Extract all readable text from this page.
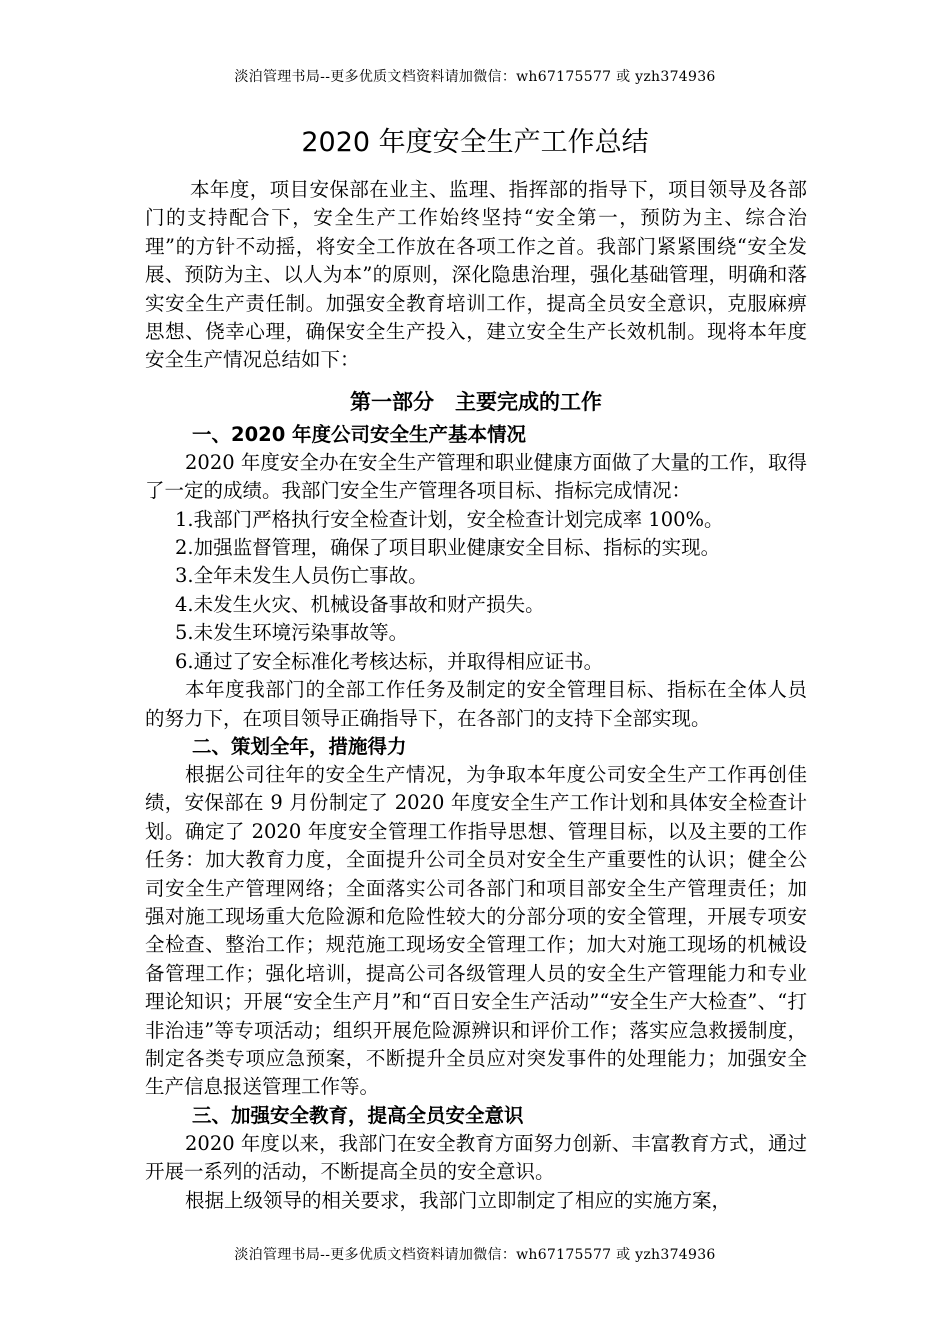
淡泊管理书局--更多优质文档资料请加微信：wh67175577 或 yzh374936
2020 年度安全生产工作总结

本年度，项目安保部在业主、监理、指挥部的指导下，项目领导及各部门的支持配合下，安全生产工作始终坚持“安全第一，预防为主、综合治理”的方针不动摇，将安全工作放在各项工作之首。我部门紧紧围绕“安全发展、预防为主、以人为本”的原则，深化隐患治理，强化基础管理，明确和落实安全生产责任制。加强安全教育培训工作，提高全员安全意识，克服麻痹思想、侥幸心理，确保安全生产投入，建立安全生产长效机制。现将本年度安全生产情况总结如下：

第一部分　主要完成的工作
一、2020 年度公司安全生产基本情况

2020 年度安全办在安全生产管理和职业健康方面做了大量的工作，取得了一定的成绩。我部门安全生产管理各项目标、指标完成情况：

1.我部门严格执行安全检查计划，安全检查计划完成率 100%。

2.加强监督管理，确保了项目职业健康安全目标、指标的实现。

3.全年未发生人员伤亡事故。

4.未发生火灾、机械设备事故和财产损失。

5.未发生环境污染事故等。

6.通过了安全标准化考核达标，并取得相应证书。

本年度我部门的全部工作任务及制定的安全管理目标、指标在全体人员的努力下，在项目领导正确指导下，在各部门的支持下全部实现。

二、策划全年，措施得力

根据公司往年的安全生产情况，为争取本年度公司安全生产工作再创佳绩，安保部在 9 月份制定了 2020 年度安全生产工作计划和具体安全检查计划。确定了 2020 年度安全管理工作指导思想、管理目标，以及主要的工作任务：加大教育力度，全面提升公司全员对安全生产重要性的认识；健全公司安全生产管理网络；全面落实公司各部门和项目部安全生产管理责任；加强对施工现场重大危险源和危险性较大的分部分项的安全管理，开展专项安全检查、整治工作；规范施工现场安全管理工作；加大对施工现场的机械设备管理工作；强化培训，提高公司各级管理人员的安全生产管理能力和专业理论知识；开展“安全生产月”和“百日安全生产活动”“安全生产大检查”、“打非治违”等专项活动；组织开展危险源辨识和评价工作；落实应急救援制度，制定各类专项应急预案，不断提升全员应对突发事件的处理能力；加强安全生产信息报送管理工作等。

三、加强安全教育，提高全员安全意识

2020 年度以来，我部门在安全教育方面努力创新、丰富教育方式，通过开展一系列的活动，不断提高全员的安全意识。

根据上级领导的相关要求，我部门立即制定了相应的实施方案，

淡泊管理书局--更多优质文档资料请加微信：wh67175577 或 yzh374936
